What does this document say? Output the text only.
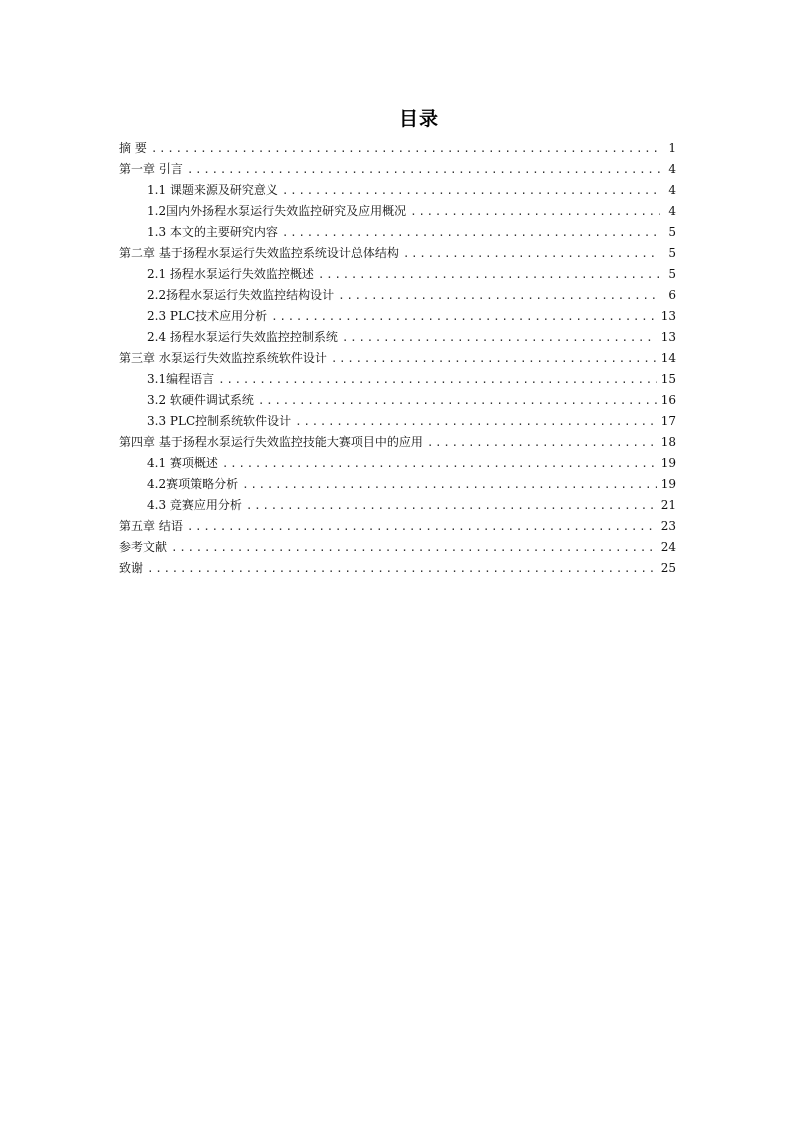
目录
摘 要 .....	1
第一章 引言 .....	4
1.1 课题来源及研究意义 .....	4
1.2国内外扬程水泵运行失效监控研究及应用概况 .....	4
1.3 本文的主要研究内容 .....	5
第二章 基于扬程水泵运行失效监控系统设计总体结构 .....	5
2.1 扬程水泵运行失效监控概述 .....	5
2.2扬程水泵运行失效监控结构设计 .....	6
2.3 PLC技术应用分析 .....	13
2.4 扬程水泵运行失效监控控制系统 .....	13
第三章 水泵运行失效监控系统软件设计 .....	14
3.1编程语言 .....	15
3.2 软硬件调试系统 .....	16
3.3 PLC控制系统软件设计 .....	17
第四章 基于扬程水泵运行失效监控技能大赛项目中的应用 .....	18
4.1 赛项概述 .....	19
4.2赛项策略分析 .....	19
4.3 竞赛应用分析 .....	21
第五章 结语 .....	23
参考文献 .....	24
致谢 .....	25
